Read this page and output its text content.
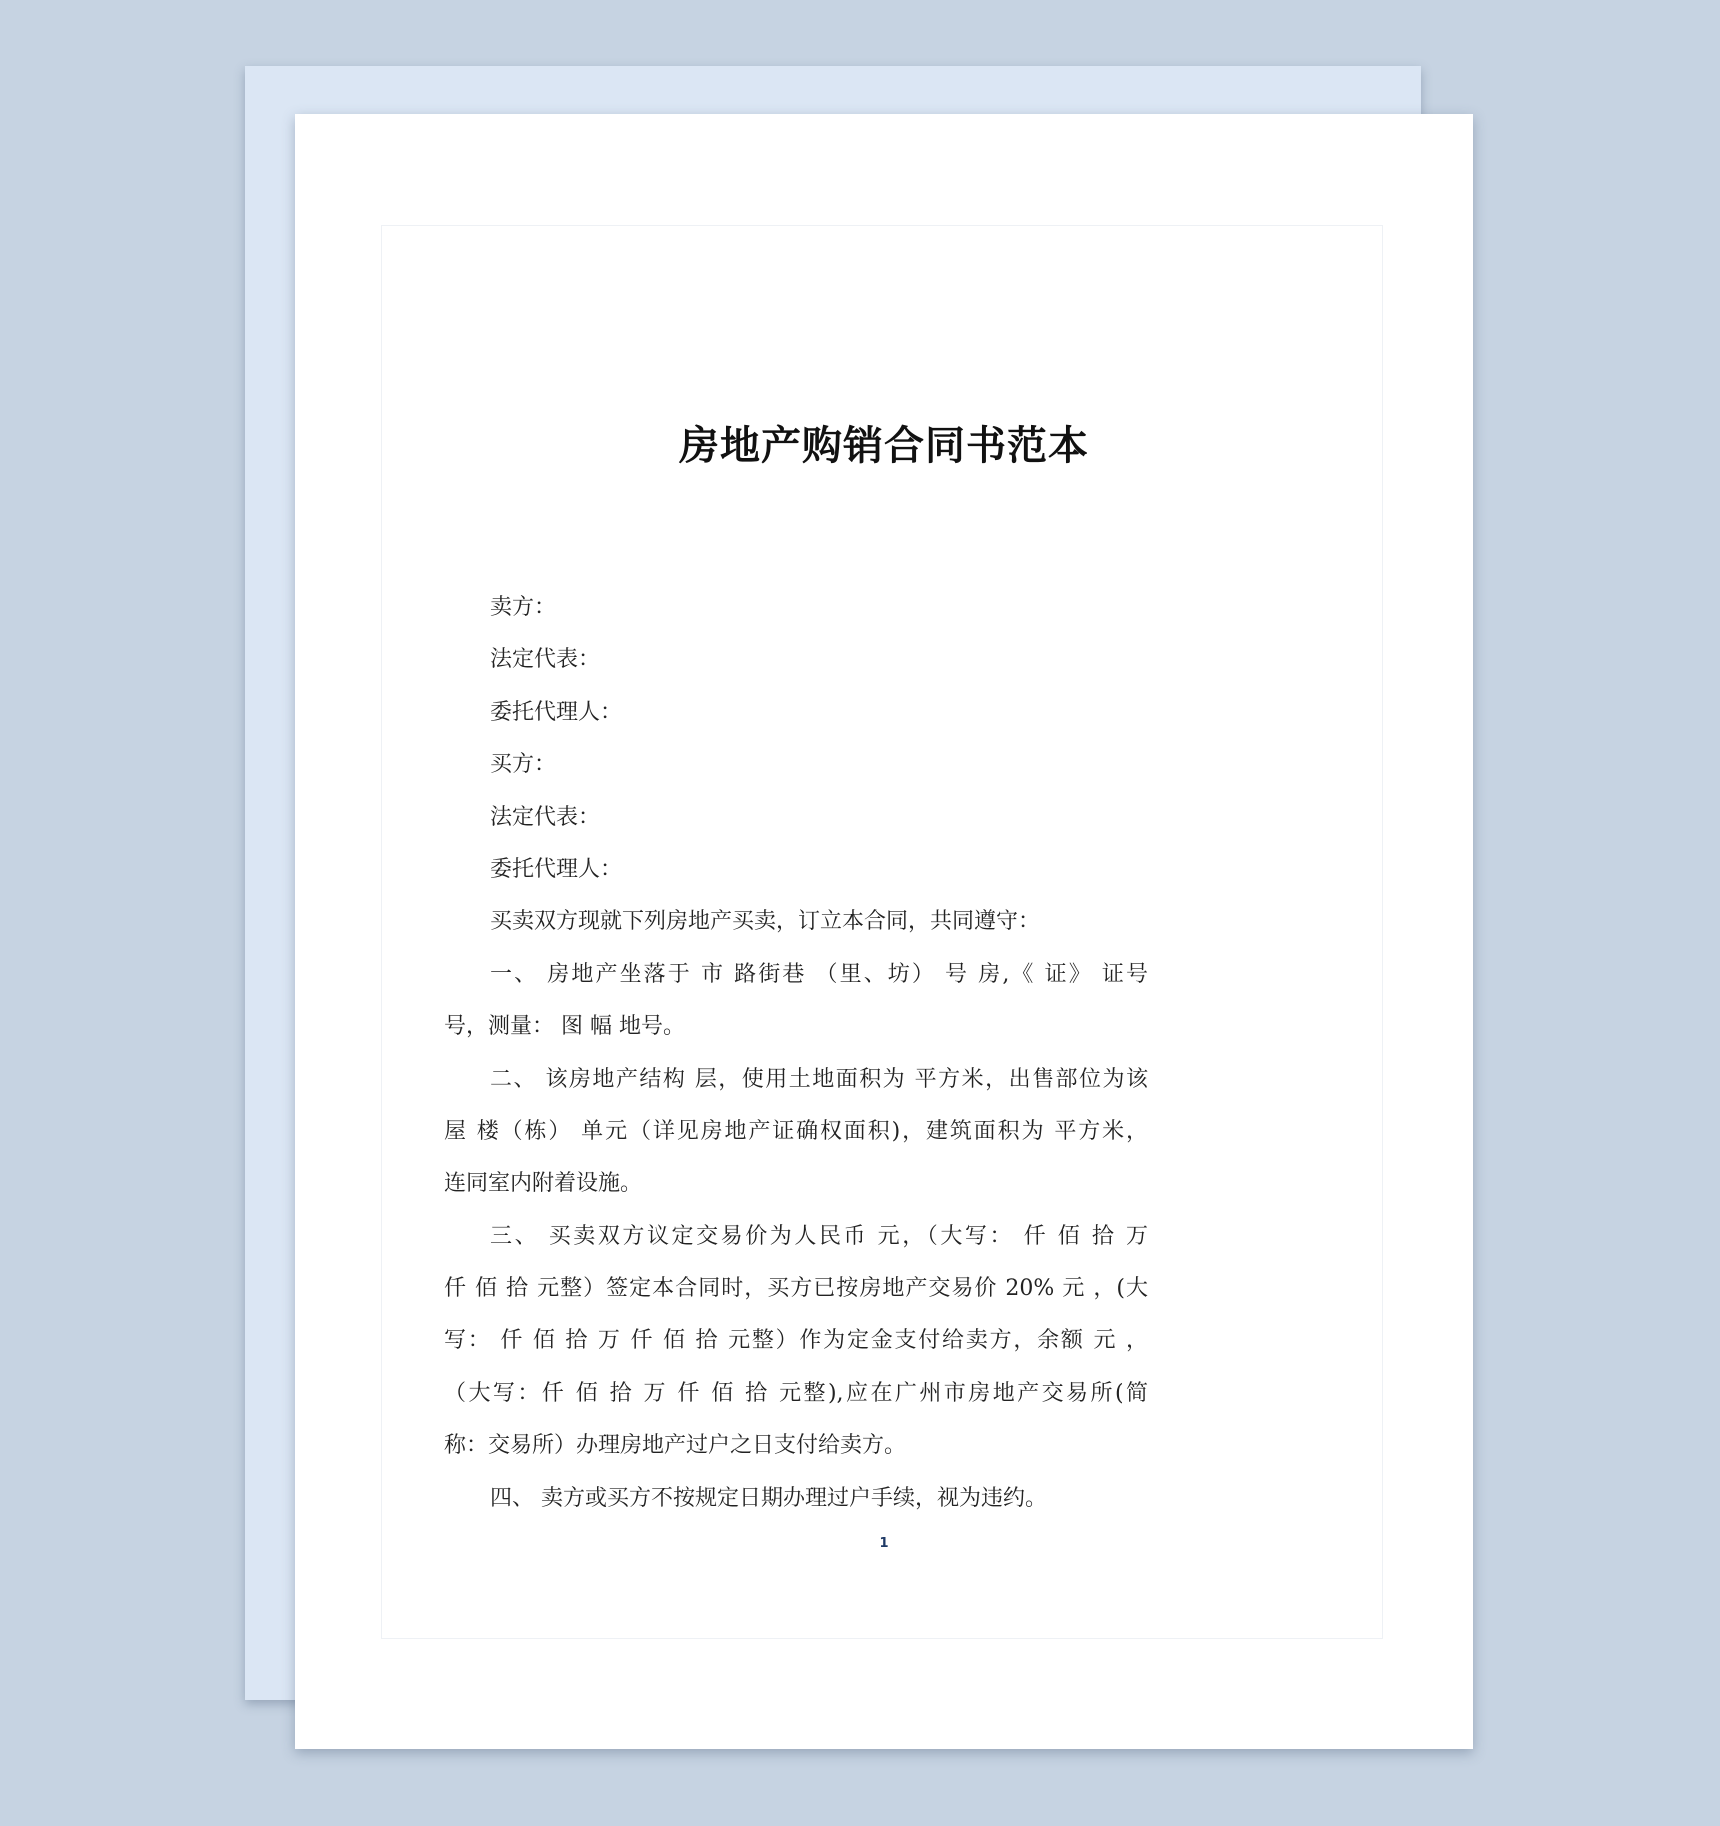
房地产购销合同书范本
卖方：
法定代表：
委托代理人：
买方：
法定代表：
委托代理人：
买卖双方现就下列房地产买卖，订立本合同，共同遵守：
一、 房地产坐落于 市 路街巷 （里、坊） 号 房,《 证》 证号
号，测量： 图 幅 地号。
二、 该房地产结构 层，使用土地面积为 平方米，出售部位为该
屋 楼（栋） 单元（详见房地产证确权面积)，建筑面积为 平方米，
连同室内附着设施。
三、 买卖双方议定交易价为人民币 元，（大写： 仟 佰 拾 万
仟 佰 拾 元整）签定本合同时，买方已按房地产交易价 20% 元 ，(大
写： 仟 佰 拾 万 仟 佰 拾 元整）作为定金支付给卖方，余额 元 ，
（大写：仟 佰 拾 万 仟 佰 拾 元整),应在广州市房地产交易所(简
称：交易所）办理房地产过户之日支付给卖方。
四、 卖方或买方不按规定日期办理过户手续，视为违约。
1
